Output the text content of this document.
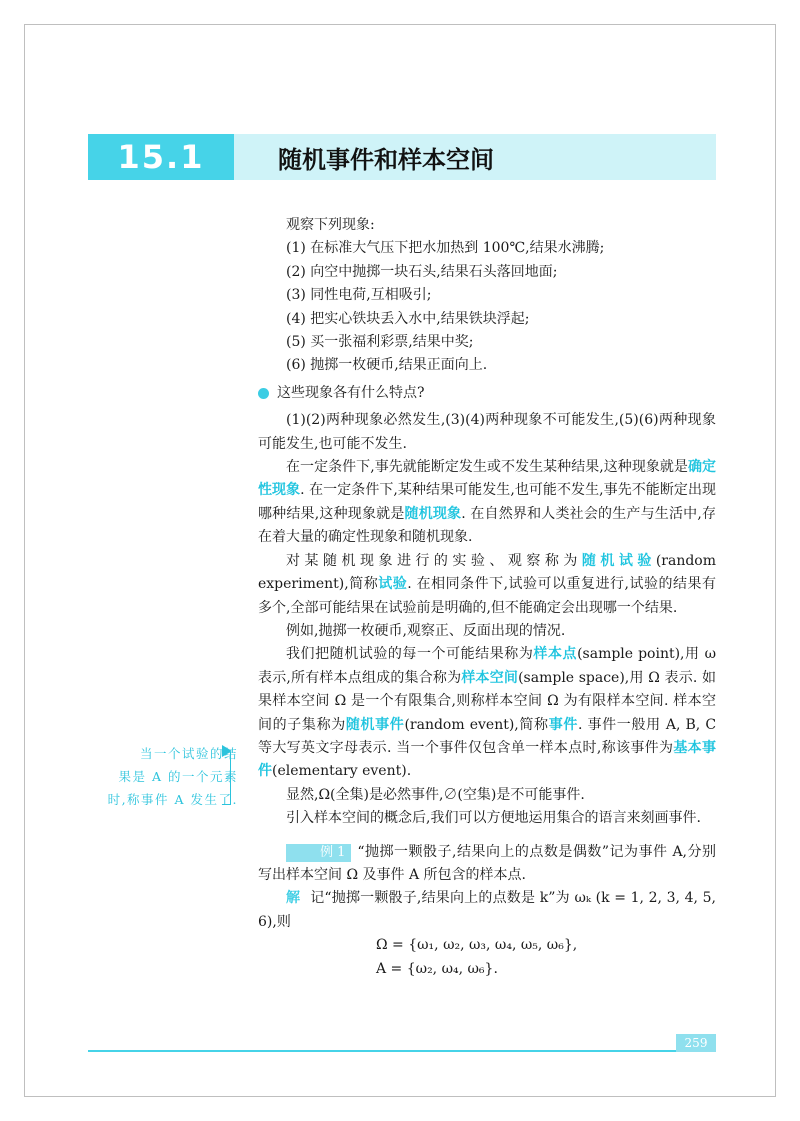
15.1	随机事件和样本空间

观察下列现象:

(1) 在标准大气压下把水加热到 100℃,结果水沸腾;

(2) 向空中抛掷一块石头,结果石头落回地面;

(3) 同性电荷,互相吸引;

(4) 把实心铁块丢入水中,结果铁块浮起;

(5) 买一张福利彩票,结果中奖;

(6) 抛掷一枚硬币,结果正面向上.

这些现象各有什么特点?

(1)(2)两种现象必然发生,(3)(4)两种现象不可能发生,(5)(6)两种现象可能发生,也可能不发生.

在一定条件下,事先就能断定发生或不发生某种结果,这种现象就是确定性现象. 在一定条件下,某种结果可能发生,也可能不发生,事先不能断定出现哪种结果,这种现象就是随机现象. 在自然界和人类社会的生产与生活中,存在着大量的确定性现象和随机现象.

对某随机现象进行的实验、观察称为随机试验(random experiment),简称试验. 在相同条件下,试验可以重复进行,试验的结果有多个,全部可能结果在试验前是明确的,但不能确定会出现哪一个结果.

例如,抛掷一枚硬币,观察正、反面出现的情况.

我们把随机试验的每一个可能结果称为样本点(sample point),用 ω 表示,所有样本点组成的集合称为样本空间(sample space),用 Ω 表示. 如果样本空间 Ω 是一个有限集合,则称样本空间 Ω 为有限样本空间. 样本空间的子集称为随机事件(random event),简称事件. 事件一般用 A, B, C 等大写英文字母表示. 当一个事件仅包含单一样本点时,称该事件为基本事件(elementary event).

显然,Ω(全集)是必然事件,∅(空集)是不可能事件.

引入样本空间的概念后,我们可以方便地运用集合的语言来刻画事件.

例 1 “抛掷一颗骰子,结果向上的点数是偶数”记为事件 A,分别写出样本空间 Ω 及事件 A 所包含的样本点.

解 记“抛掷一颗骰子,结果向上的点数是 k”为 ωₖ (k = 1, 2, 3, 4, 5, 6),则

Ω = {ω₁, ω₂, ω₃, ω₄, ω₅, ω₆},

A = {ω₂, ω₄, ω₆}.

当一个试验的结
果是 A 的一个元素
时,称事件 A 发生了.
259
